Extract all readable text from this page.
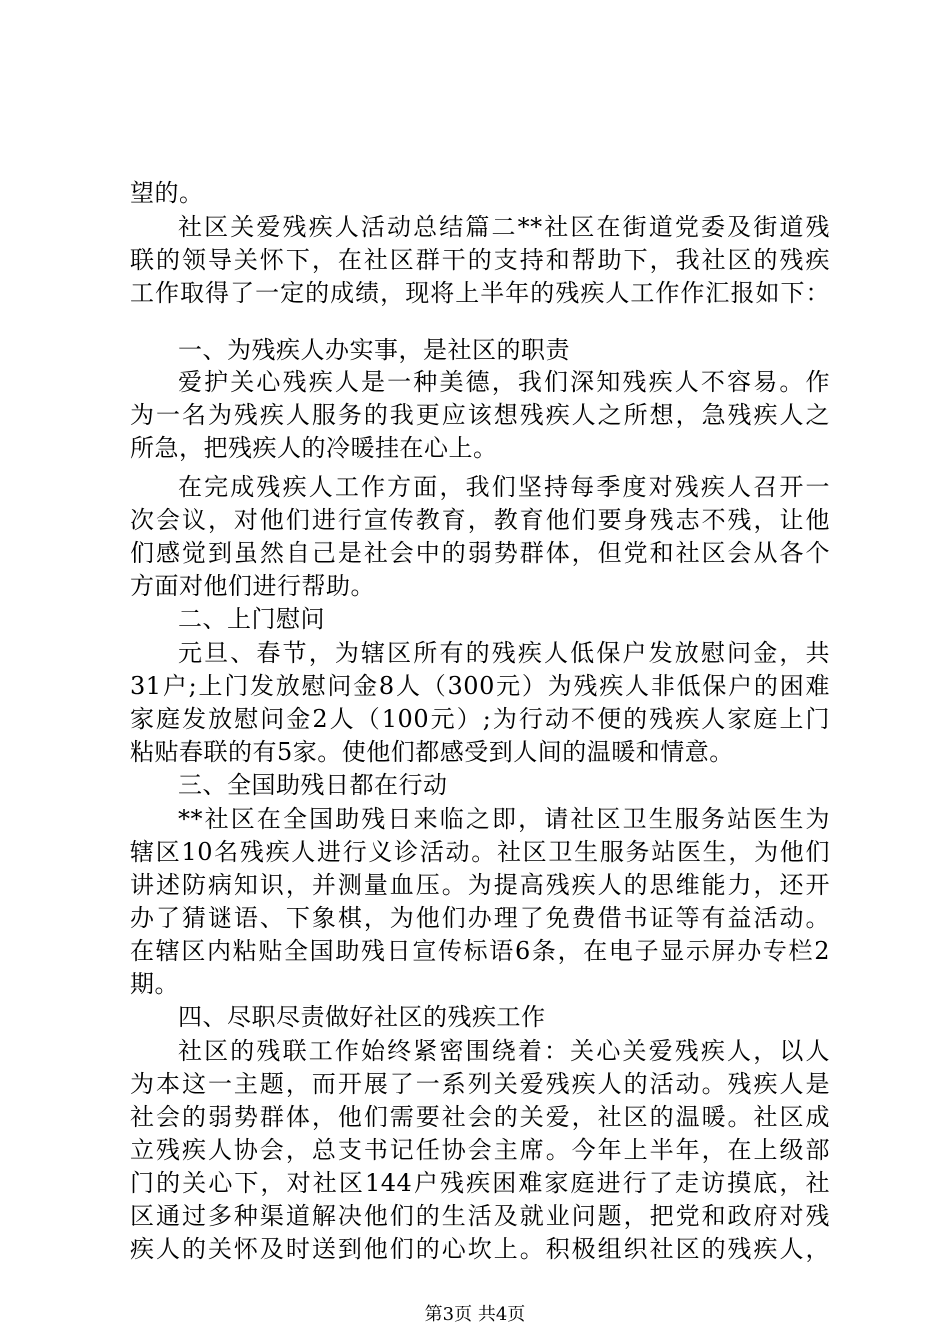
望的。
社区关爱残疾人活动总结篇二**社区在街道党委及街道残
联的领导关怀下，在社区群干的支持和帮助下，我社区的残疾
工作取得了一定的成绩，现将上半年的残疾人工作作汇报如下：
一、为残疾人办实事，是社区的职责
爱护关心残疾人是一种美德，我们深知残疾人不容易。作
为一名为残疾人服务的我更应该想残疾人之所想，急残疾人之
所急，把残疾人的冷暖挂在心上。
在完成残疾人工作方面，我们坚持每季度对残疾人召开一
次会议，对他们进行宣传教育，教育他们要身残志不残，让他
们感觉到虽然自己是社会中的弱势群体，但党和社区会从各个
方面对他们进行帮助。
二、上门慰问
元旦、春节，为辖区所有的残疾人低保户发放慰问金，共
31户;上门发放慰问金8人（300元）为残疾人非低保户的困难
家庭发放慰问金2人（100元）;为行动不便的残疾人家庭上门
粘贴春联的有5家。使他们都感受到人间的温暖和情意。
三、全国助残日都在行动
**社区在全国助残日来临之即，请社区卫生服务站医生为
辖区10名残疾人进行义诊活动。社区卫生服务站医生，为他们
讲述防病知识，并测量血压。为提高残疾人的思维能力，还开
办了猜谜语、下象棋，为他们办理了免费借书证等有益活动。
在辖区内粘贴全国助残日宣传标语6条，在电子显示屏办专栏2
期。
四、尽职尽责做好社区的残疾工作
社区的残联工作始终紧密围绕着：关心关爱残疾人，以人
为本这一主题，而开展了一系列关爱残疾人的活动。残疾人是
社会的弱势群体，他们需要社会的关爱，社区的温暖。社区成
立残疾人协会，总支书记任协会主席。今年上半年，在上级部
门的关心下，对社区144户残疾困难家庭进行了走访摸底，社
区通过多种渠道解决他们的生活及就业问题，把党和政府对残
疾人的关怀及时送到他们的心坎上。积极组织社区的残疾人，
第3页 共4页
